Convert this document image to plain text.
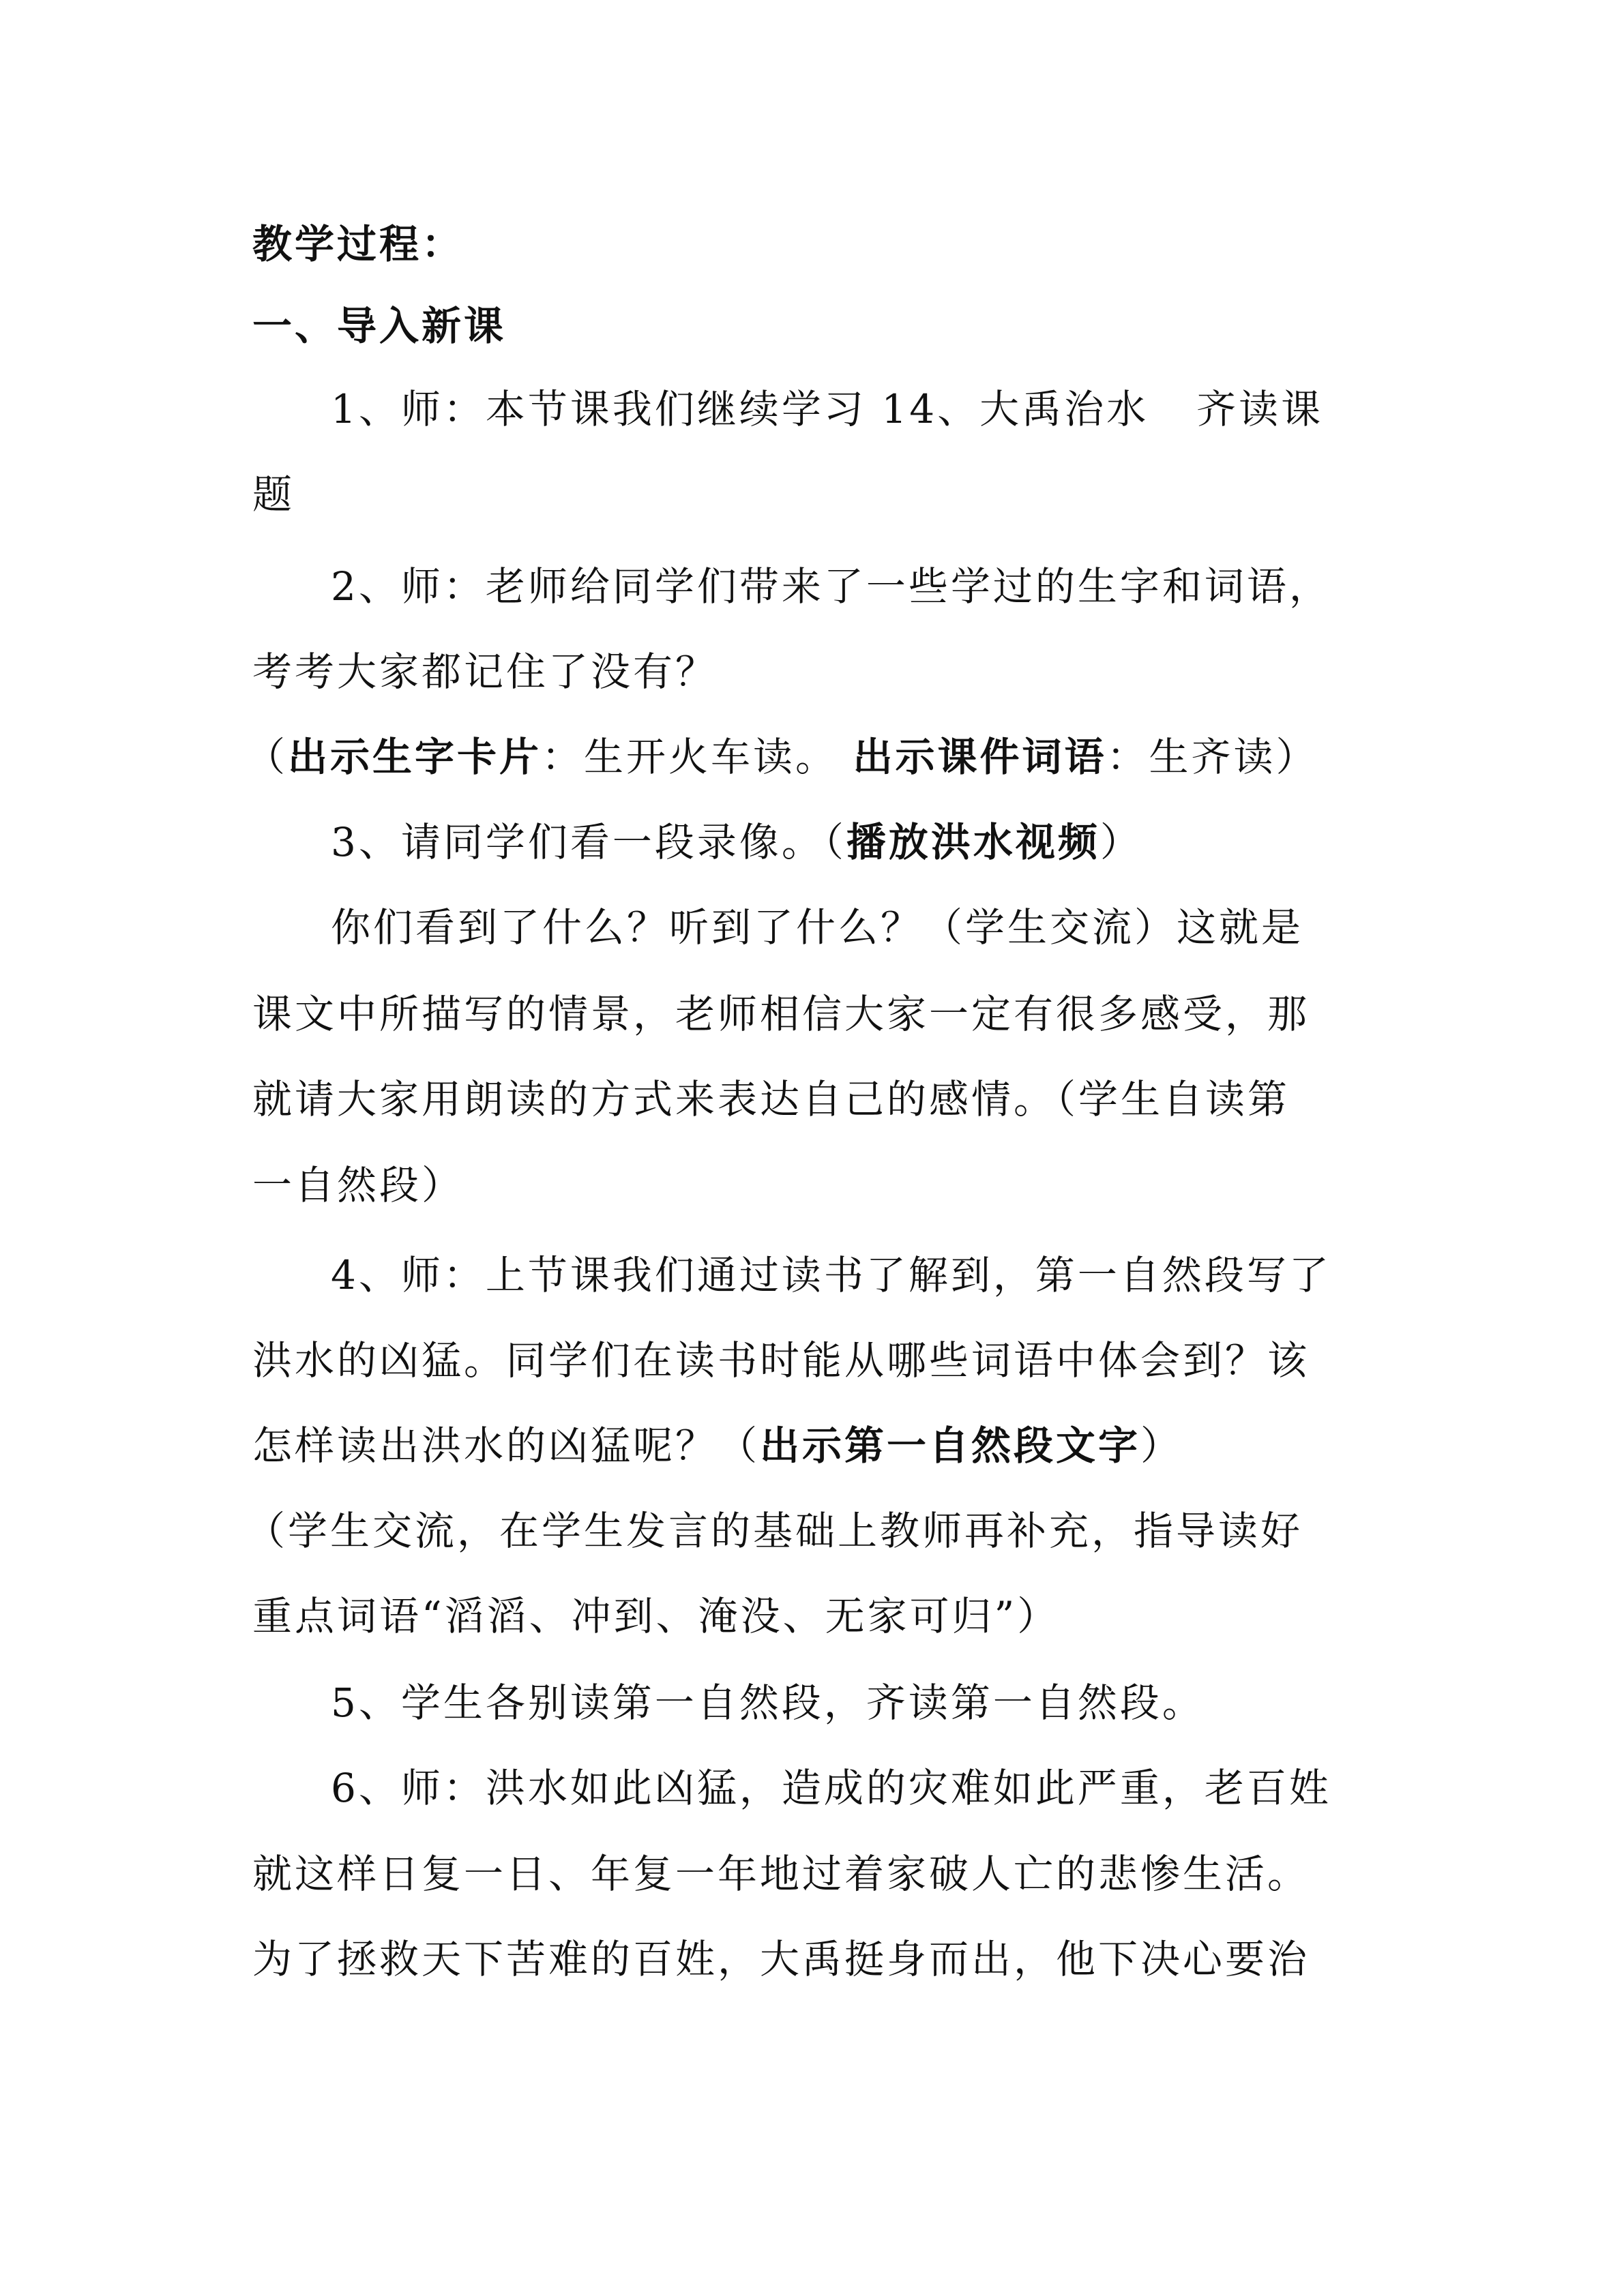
教学过程：
一、导入新课
1、师：本节课我们继续学习 14、大禹治水 齐读课
题
2、师：老师给同学们带来了一些学过的生字和词语，
考考大家都记住了没有？
（出示生字卡片：生开火车读。 出示课件词语：生齐读）
3、请同学们看一段录像。（播放洪水视频）
你们看到了什么？听到了什么？（学生交流）这就是
课文中所描写的情景，老师相信大家一定有很多感受，那
就请大家用朗读的方式来表达自己的感情。（学生自读第
一自然段）
4、师：上节课我们通过读书了解到，第一自然段写了
洪水的凶猛。同学们在读书时能从哪些词语中体会到？该
怎样读出洪水的凶猛呢？（出示第一自然段文字）
（学生交流，在学生发言的基础上教师再补充，指导读好
重点词语“滔滔、冲到、淹没、无家可归”）
5、学生各别读第一自然段，齐读第一自然段。
6、师：洪水如此凶猛，造成的灾难如此严重，老百姓
就这样日复一日、年复一年地过着家破人亡的悲惨生活。
为了拯救天下苦难的百姓，大禹挺身而出，他下决心要治
